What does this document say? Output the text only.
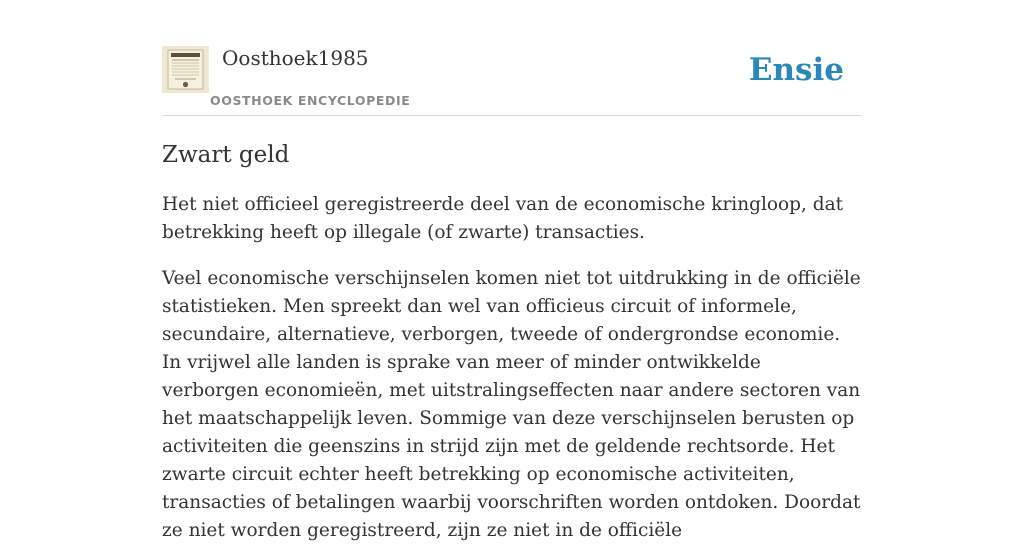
Oosthoek1985
OOSTHOEK ENCYCLOPEDIE
Ensie
Zwart geld

Het niet officieel geregistreerde deel van de economische kringloop, dat betrekking heeft op illegale (of zwarte) transacties.

Veel economische verschijnselen komen niet tot uitdrukking in de officiële statistieken. Men spreekt dan wel van officieus circuit of informele, secundaire, alternatieve, verborgen, tweede of ondergrondse economie. In vrijwel alle landen is sprake van meer of minder ontwikkelde verborgen economieën, met uitstralingseffecten naar andere sectoren van het maatschappelijk leven. Sommige van deze verschijnselen berusten op activiteiten die geenszins in strijd zijn met de geldende rechtsorde. Het zwarte circuit echter heeft betrekking op economische activiteiten, transacties of betalingen waarbij voorschriften worden ontdoken. Doordat ze niet worden geregistreerd, zijn ze niet in de officiële
